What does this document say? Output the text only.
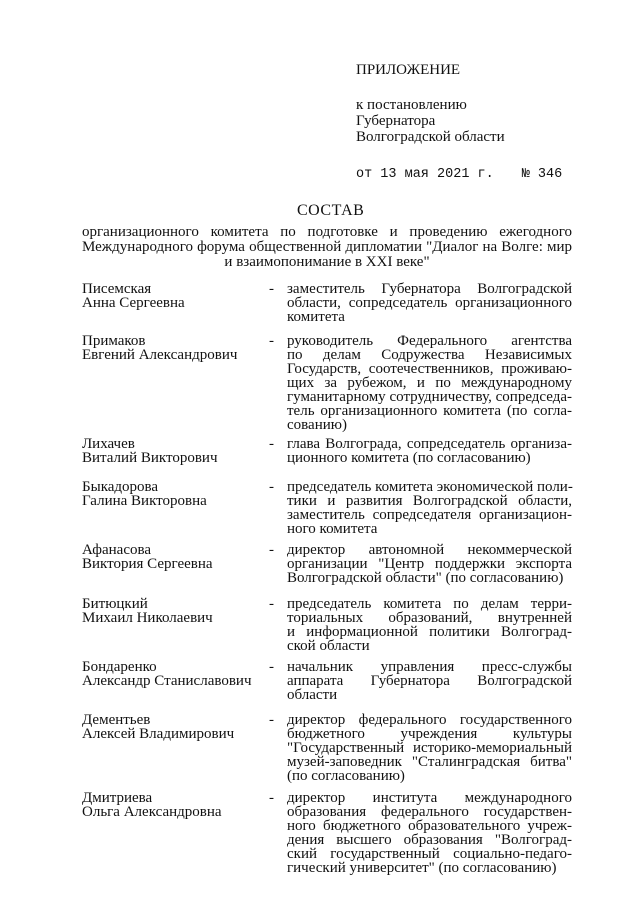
ПРИЛОЖЕНИЕ
к постановлению
Губернатора
Волгоградской области
от 13 мая 2021 г. № 346
СОСТАВ
организационного комитета по подготовке и проведению ежегодного
Международного форума общественной дипломатии "Диалог на Волге: мир
и взаимопонимание в XXI веке"
Писемская
Анна Сергеевна
- заместитель Губернатора Волгоградской
области, сопредседатель организационного
комитета
Примаков
Евгений Александрович
- руководитель Федерального агентства
по делам Содружества Независимых
Государств, соотечественников, проживаю-
щих за рубежом, и по международному
гуманитарному сотрудничеству, сопредседа-
тель организационного комитета (по согла-
сованию)
Лихачев
Виталий Викторович
- глава Волгограда, сопредседатель организа-
ционного комитета (по согласованию)
Быкадорова
Галина Викторовна
- председатель комитета экономической поли-
тики и развития Волгоградской области,
заместитель сопредседателя организацион-
ного комитета
Афанасова
Виктория Сергеевна
- директор автономной некоммерческой
организации "Центр поддержки экспорта
Волгоградской области" (по согласованию)
Битюцкий
Михаил Николаевич
- председатель комитета по делам терри-
ториальных образований, внутренней
и информационной политики Волгоград-
ской области
Бондаренко
Александр Станиславович
- начальник управления пресс-службы
аппарата Губернатора Волгоградской
области
Дементьев
Алексей Владимирович
- директор федерального государственного
бюджетного учреждения культуры
"Государственный историко-мемориальный
музей-заповедник "Сталинградская битва"
(по согласованию)
Дмитриева
Ольга Александровна
- директор института международного
образования федерального государствен-
ного бюджетного образовательного учреж-
дения высшего образования "Волгоград-
ский государственный социально-педаго-
гический университет" (по согласованию)
